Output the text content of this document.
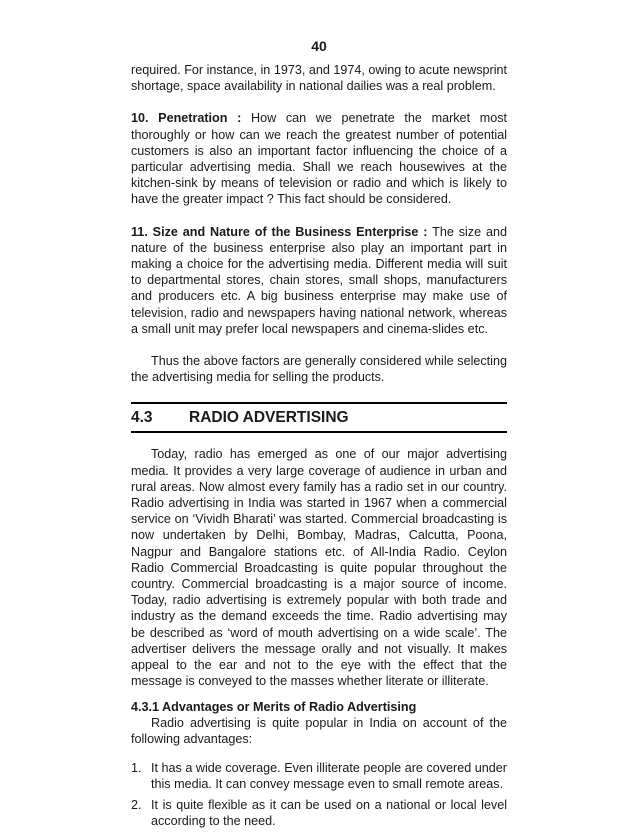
40

required. For instance, in 1973, and 1974, owing to acute newsprint shortage, space availability in national dailies was a real problem.

10. Penetration : How can we penetrate the market most thoroughly or how can we reach the greatest number of potential customers is also an important factor influencing the choice of a particular advertising media. Shall we reach housewives at the kitchen-sink by means of television or radio and which is likely to have the greater impact ? This fact should be considered.

11. Size and Nature of the Business Enterprise : The size and nature of the business enterprise also play an important part in making a choice for the advertising media. Different media will suit to departmental stores, chain stores, small shops, manufacturers and producers etc. A big business enterprise may make use of television, radio and newspapers having national network, whereas a small unit may prefer local newspapers and cinema-slides etc.

Thus the above factors are generally considered while selecting the advertising media for selling the products.

4.3 RADIO ADVERTISING

Today, radio has emerged as one of our major advertising media. It provides a very large coverage of audience in urban and rural areas. Now almost every family has a radio set in our country. Radio advertising in India was started in 1967 when a commercial service on ‘Vividh Bharati’ was started. Commercial broadcasting is now undertaken by Delhi, Bombay, Madras, Calcutta, Poona, Nagpur and Bangalore stations etc. of All-India Radio. Ceylon Radio Commercial Broadcasting is quite popular throughout the country. Commercial broadcasting is a major source of income. Today, radio advertising is extremely popular with both trade and industry as the demand exceeds the time. Radio advertising may be described as ‘word of mouth advertising on a wide scale’. The advertiser delivers the message orally and not visually. It makes appeal to the ear and not to the eye with the effect that the message is conveyed to the masses whether literate or illiterate.

4.3.1 Advantages or Merits of Radio Advertising

Radio advertising is quite popular in India on account of the following advantages:

1. It has a wide coverage. Even illiterate people are covered under this media. It can convey message even to small remote areas.
2. It is quite flexible as it can be used on a national or local level according to the need.
